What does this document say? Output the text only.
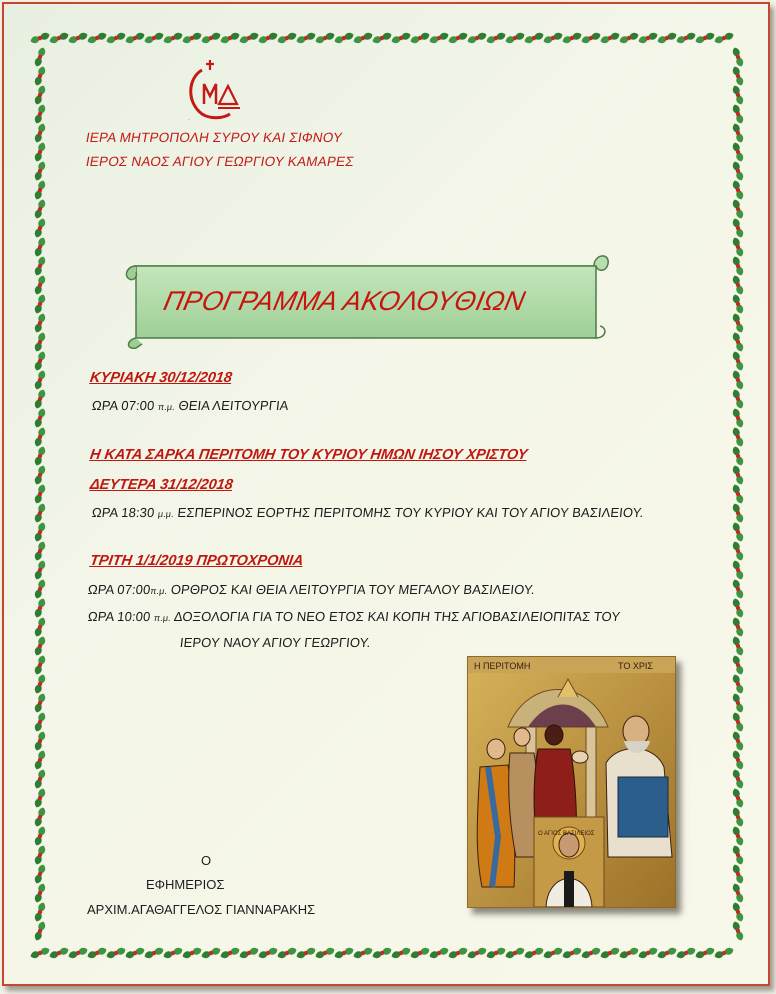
ΙΜΣ
ΙΕΡΑ ΜΗΤΡΟΠΟΛΗ ΣΥΡΟΥ ΚΑΙ ΣΙΦΝΟΥ
ΙΕΡΟΣ ΝΑΟΣ ΑΓΙΟΥ ΓΕΩΡΓΙΟΥ ΚΑΜΑΡΕΣ
ΠΡΟΓΡΑΜΜΑ ΑΚΟΛΟΥΘΙΩΝ
ΚΥΡΙΑΚΗ 30/12/2018
ΩΡΑ 07:00 π.μ. ΘΕΙΑ ΛΕΙΤΟΥΡΓΙΑ
Η ΚΑΤΑ ΣΑΡΚΑ ΠΕΡΙΤΟΜΗ ΤΟΥ ΚΥΡΙΟΥ ΗΜΩΝ ΙΗΣΟΥ ΧΡΙΣΤΟΥ
ΔΕΥΤΕΡΑ 31/12/2018
ΩΡΑ 18:30 μ.μ. ΕΣΠΕΡΙΝΟΣ ΕΟΡΤΗΣ ΠΕΡΙΤΟΜΗΣ ΤΟΥ ΚΥΡΙΟΥ ΚΑΙ ΤΟΥ ΑΓΙΟΥ ΒΑΣΙΛΕΙΟΥ.
ΤΡΙΤΗ 1/1/2019 ΠΡΩΤΟΧΡΟΝΙΑ
ΩΡΑ 07:00π.μ. ΟΡΘΡΟΣ ΚΑΙ ΘΕΙΑ ΛΕΙΤΟΥΡΓΙΑ ΤΟΥ ΜΕΓΑΛΟΥ ΒΑΣΙΛΕΙΟΥ.
ΩΡΑ 10:00 π.μ. ΔΟΞΟΛΟΓΙΑ ΓΙΑ ΤΟ ΝΕΟ ΕΤΟΣ ΚΑΙ ΚΟΠΗ ΤΗΣ ΑΓΙΟΒΑΣΙΛΕΙΟΠΙΤΑΣ ΤΟΥ
ΙΕΡΟΥ ΝΑΟΥ ΑΓΙΟΥ ΓΕΩΡΓΙΟΥ.
Ο
ΕΦΗΜΕΡΙΟΣ
ΑΡΧΙΜ.ΑΓΑΘΑΓΓΕΛΟΣ ΓΙΑΝΝΑΡΑΚΗΣ
Η ΠΕΡΙΤΟΜΗ	ΤΟ ΧΡΙΣ
Ο ΑΓΙΟΣ ΒΑΣΙΛΕΙΟΣ
